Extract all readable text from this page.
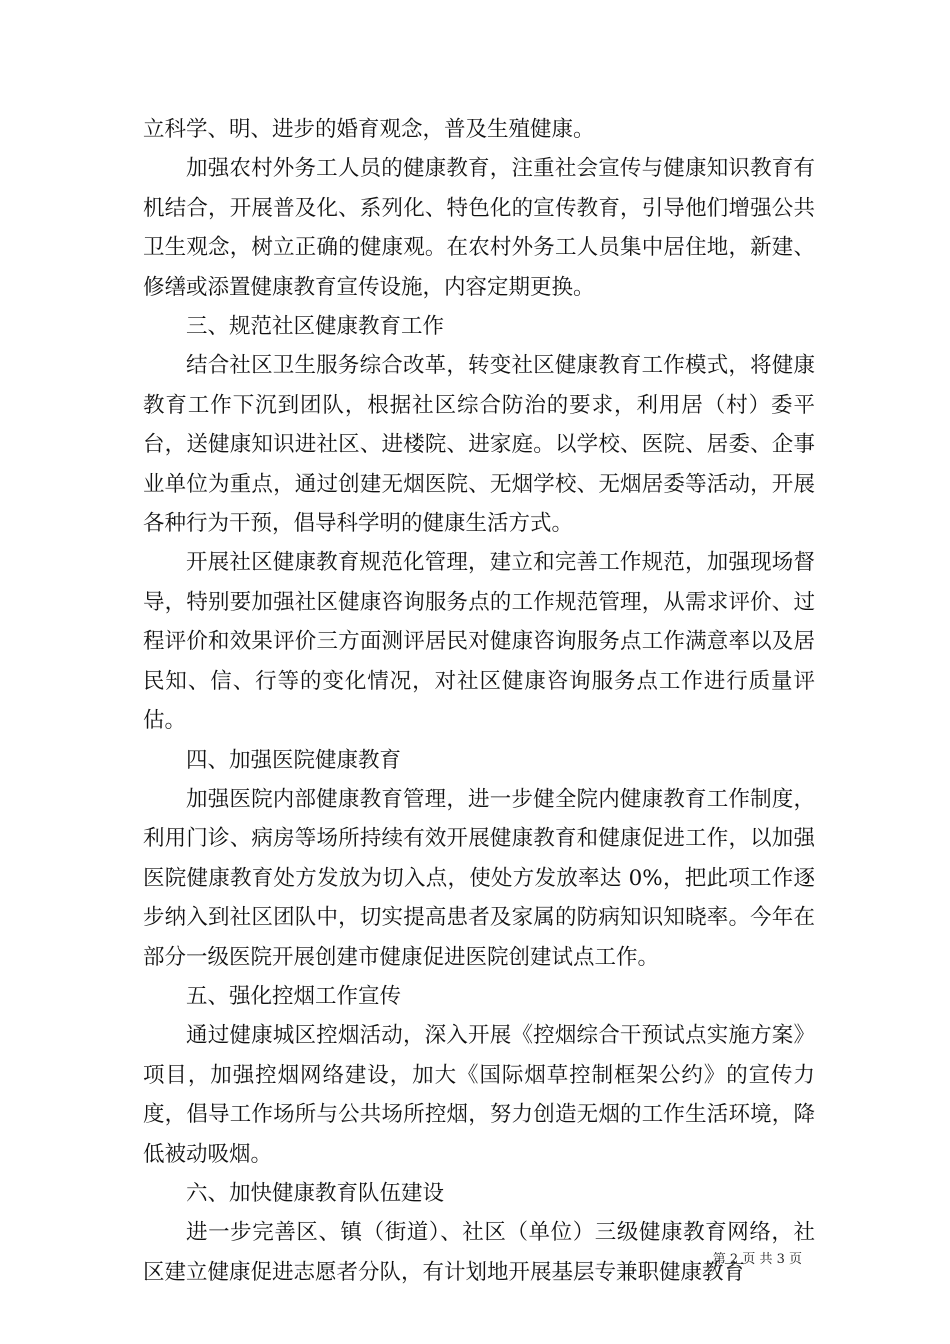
立科学、明、进步的婚育观念，普及生殖健康。

加强农村外务工人员的健康教育，注重社会宣传与健康知识教育有机结合，开展普及化、系列化、特色化的宣传教育，引导他们增强公共卫生观念，树立正确的健康观。在农村外务工人员集中居住地，新建、修缮或添置健康教育宣传设施，内容定期更换。

三、规范社区健康教育工作

结合社区卫生服务综合改革，转变社区健康教育工作模式，将健康教育工作下沉到团队，根据社区综合防治的要求，利用居（村）委平台，送健康知识进社区、进楼院、进家庭。以学校、医院、居委、企事业单位为重点，通过创建无烟医院、无烟学校、无烟居委等活动，开展各种行为干预，倡导科学明的健康生活方式。

开展社区健康教育规范化管理，建立和完善工作规范，加强现场督导，特别要加强社区健康咨询服务点的工作规范管理，从需求评价、过程评价和效果评价三方面测评居民对健康咨询服务点工作满意率以及居民知、信、行等的变化情况，对社区健康咨询服务点工作进行质量评估。

四、加强医院健康教育

加强医院内部健康教育管理，进一步健全院内健康教育工作制度，利用门诊、病房等场所持续有效开展健康教育和健康促进工作，以加强医院健康教育处方发放为切入点，使处方发放率达 0%，把此项工作逐步纳入到社区团队中，切实提高患者及家属的防病知识知晓率。今年在部分一级医院开展创建市健康促进医院创建试点工作。

五、强化控烟工作宣传

通过健康城区控烟活动，深入开展《控烟综合干预试点实施方案》项目，加强控烟网络建设，加大《国际烟草控制框架公约》的宣传力度，倡导工作场所与公共场所控烟，努力创造无烟的工作生活环境，降低被动吸烟。

六、加快健康教育队伍建设

进一步完善区、镇（街道）、社区（单位）三级健康教育网络，社区建立健康促进志愿者分队，有计划地开展基层专兼职健康教育

第 2 页 共 3 页
